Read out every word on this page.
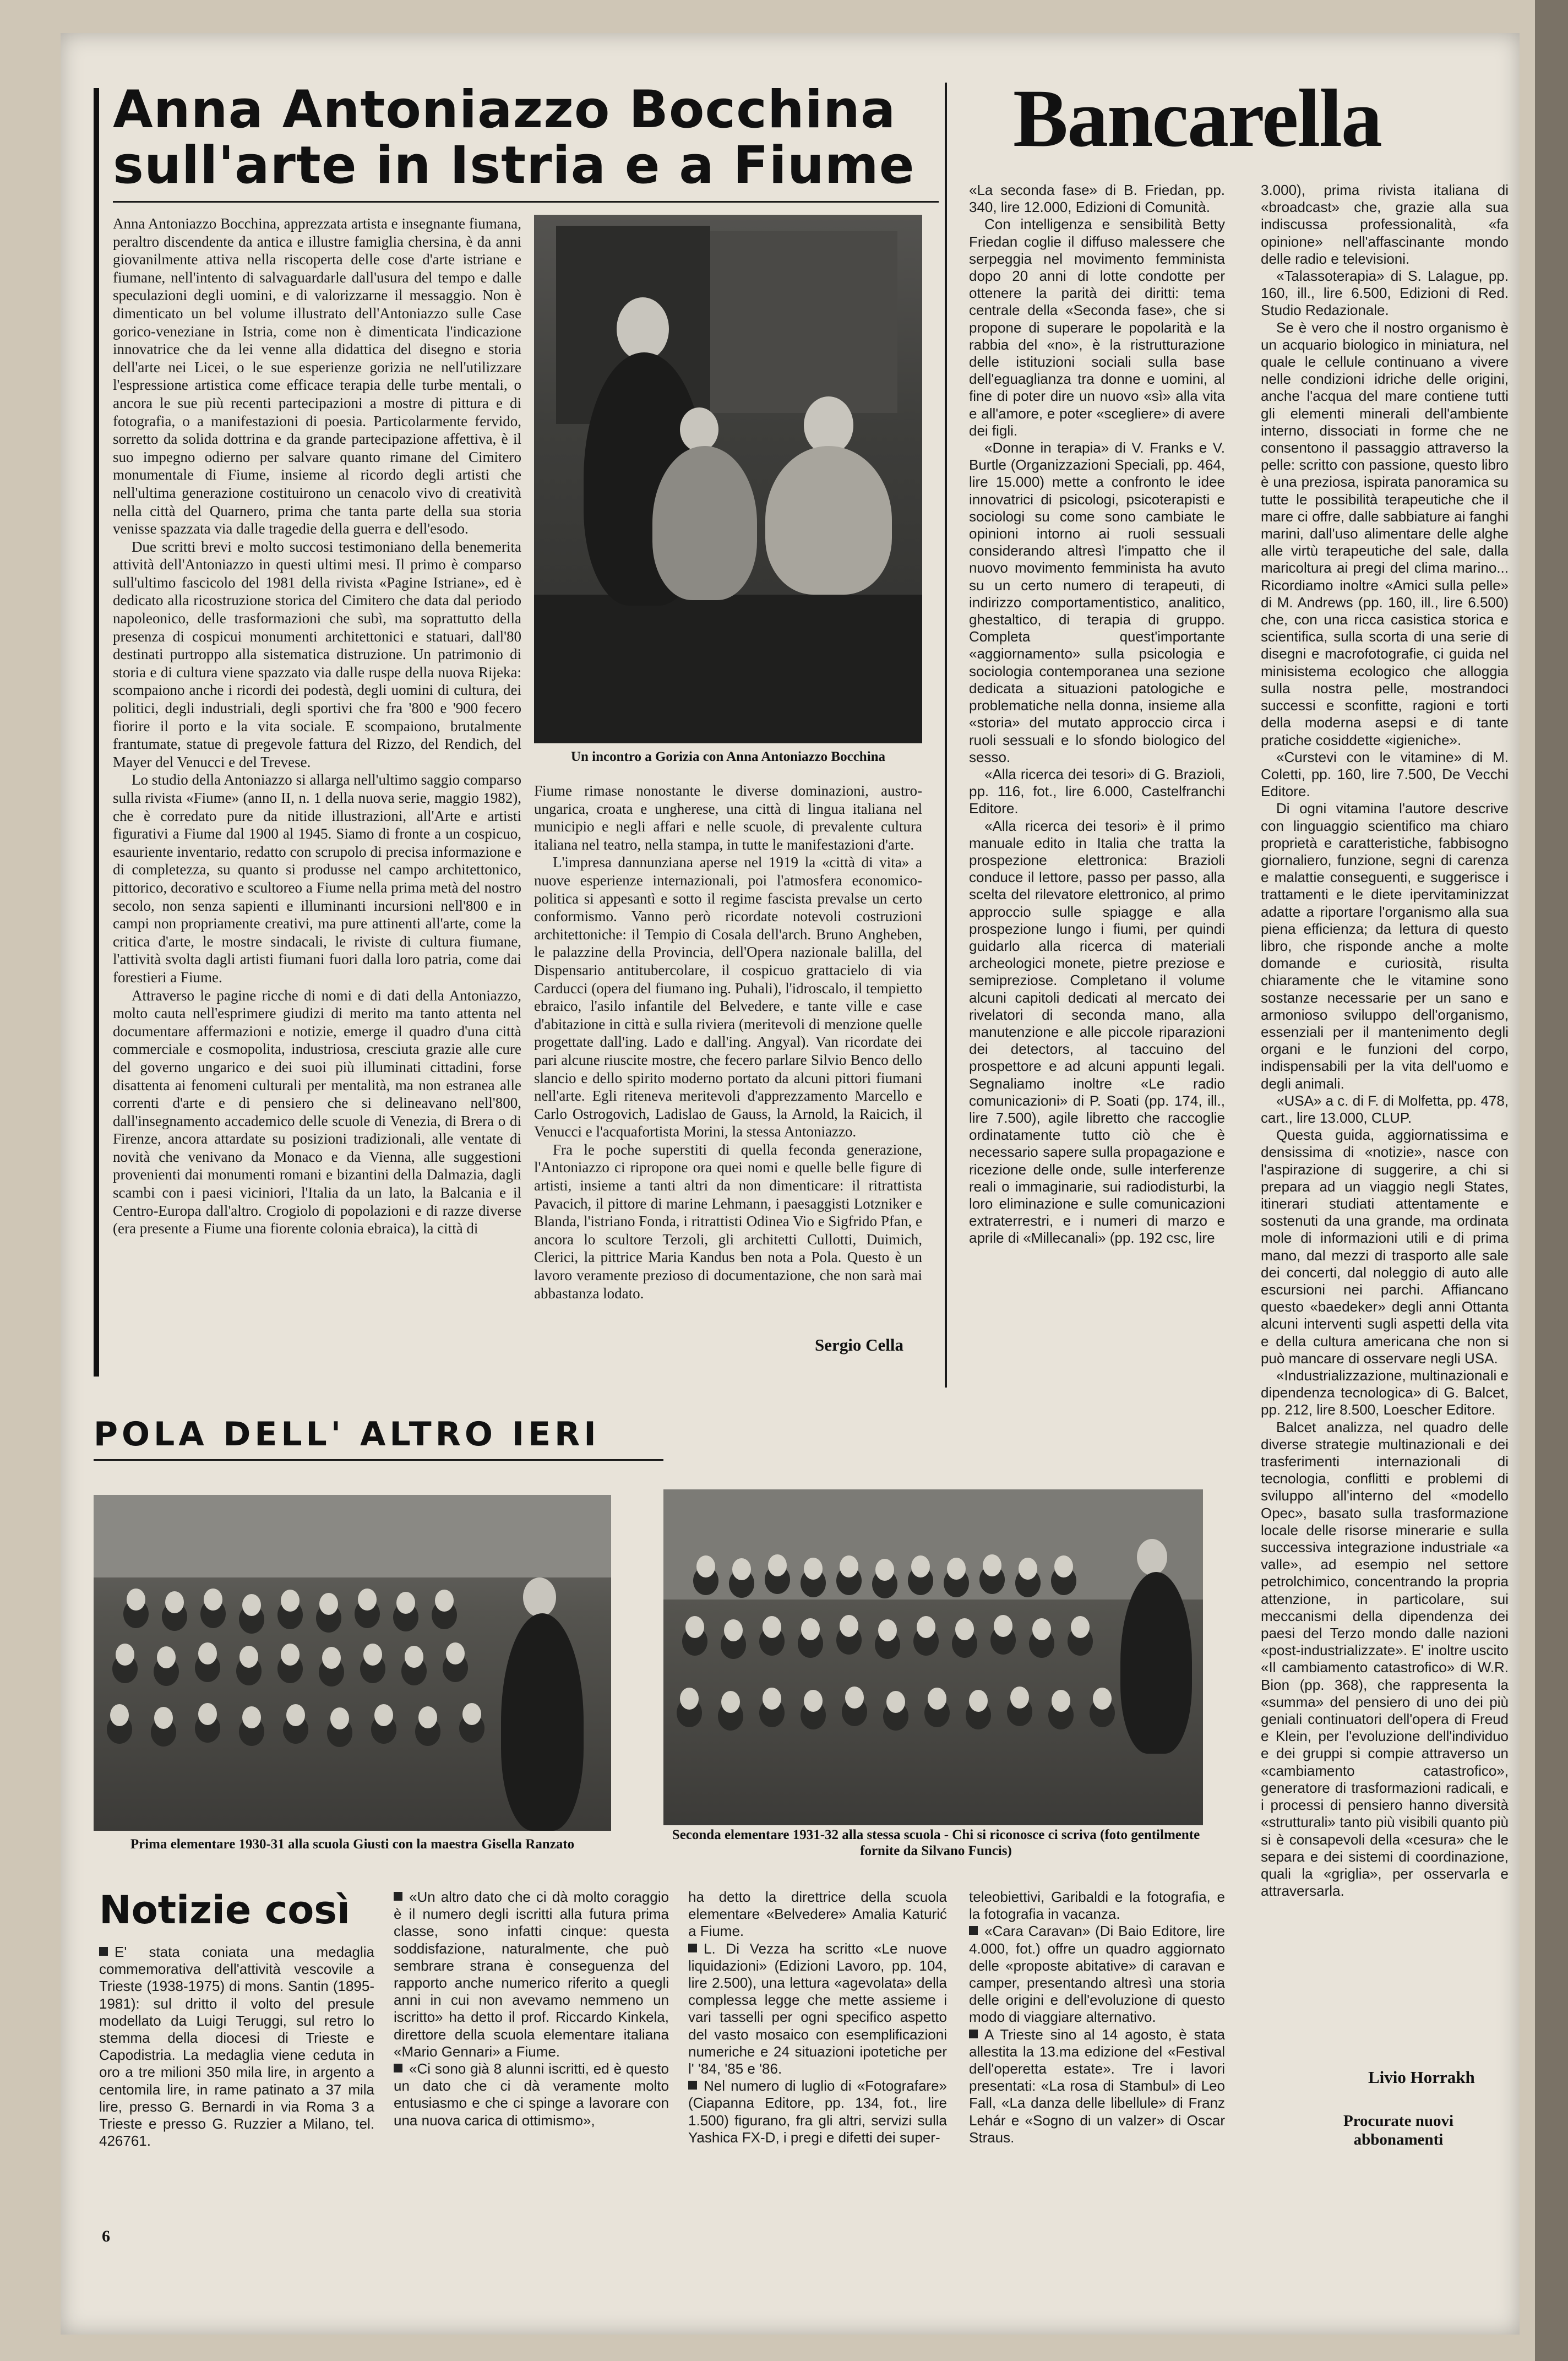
Anna Antoniazzo Bocchina
sull'arte in Istria e a Fiume

Anna Antoniazzo Bocchina, apprezzata artista e insegnante fiumana, peraltro discendente da antica e illustre famiglia chersina, è da anni giovanilmente attiva nella riscoperta delle cose d'arte istriane e fiumane, nell'intento di salvaguardarle dall'usura del tempo e dalle speculazioni degli uomini, e di valorizzarne il messaggio. Non è dimenticato un bel volume illustrato dell'Antoniazzo sulle Case gorico-veneziane in Istria, come non è dimenticata l'indicazione innovatrice che da lei venne alla didattica del disegno e storia dell'arte nei Licei, o le sue esperienze gorizia ne nell'utilizzare l'espressione artistica come efficace terapia delle turbe mentali, o ancora le sue più recenti partecipazioni a mostre di pittura e di fotografia, o a manifestazioni di poesia. Particolarmente fervido, sorretto da solida dottrina e da grande partecipazione affettiva, è il suo impegno odierno per salvare quanto rimane del Cimitero monumentale di Fiume, insieme al ricordo degli artisti che nell'ultima generazione costituirono un cenacolo vivo di creatività nella città del Quarnero, prima che tanta parte della sua storia venisse spazzata via dalle tragedie della guerra e dell'esodo.

Due scritti brevi e molto succosi testimoniano della benemerita attività dell'Antoniazzo in questi ultimi mesi. Il primo è comparso sull'ultimo fascicolo del 1981 della rivista «Pagine Istriane», ed è dedicato alla ricostruzione storica del Cimitero che data dal periodo napoleonico, delle trasformazioni che subì, ma soprattutto della presenza di cospicui monumenti architettonici e statuari, dall'80 destinati purtroppo alla sistematica distruzione. Un patrimonio di storia e di cultura viene spazzato via dalle ruspe della nuova Rijeka: scompaiono anche i ricordi dei podestà, degli uomini di cultura, dei politici, degli industriali, degli sportivi che fra '800 e '900 fecero fiorire il porto e la vita sociale. E scompaiono, brutalmente frantumate, statue di pregevole fattura del Rizzo, del Rendich, del Mayer del Venucci e del Trevese.

Lo studio della Antoniazzo si allarga nell'ultimo saggio comparso sulla rivista «Fiume» (anno II, n. 1 della nuova serie, maggio 1982), che è corredato pure da nitide illustrazioni, all'Arte e artisti figurativi a Fiume dal 1900 al 1945. Siamo di fronte a un cospicuo, esauriente inventario, redatto con scrupolo di precisa informazione e di completezza, su quanto si produsse nel campo architettonico, pittorico, decorativo e scultoreo a Fiume nella prima metà del nostro secolo, non senza sapienti e illuminanti incursioni nell'800 e in campi non propriamente creativi, ma pure attinenti all'arte, come la critica d'arte, le mostre sindacali, le riviste di cultura fiumane, l'attività svolta dagli artisti fiumani fuori dalla loro patria, come dai forestieri a Fiume.

Attraverso le pagine ricche di nomi e di dati della Antoniazzo, molto cauta nell'esprimere giudizi di merito ma tanto attenta nel documentare affermazioni e notizie, emerge il quadro d'una città commerciale e cosmopolita, industriosa, cresciuta grazie alle cure del governo ungarico e dei suoi più illuminati cittadini, forse disattenta ai fenomeni culturali per mentalità, ma non estranea alle correnti d'arte e di pensiero che si delineavano nell'800, dall'insegnamento accademico delle scuole di Venezia, di Brera o di Firenze, ancora attardate su posizioni tradizionali, alle ventate di novità che venivano da Monaco e da Vienna, alle suggestioni provenienti dai monumenti romani e bizantini della Dalmazia, dagli scambi con i paesi viciniori, l'Italia da un lato, la Balcania e il Centro-Europa dall'altro. Crogiolo di popolazioni e di razze diverse (era presente a Fiume una fiorente colonia ebraica), la città di

Un incontro a Gorizia con Anna Antoniazzo Bocchina

Fiume rimase nonostante le diverse dominazioni, austro-ungarica, croata e ungherese, una città di lingua italiana nel municipio e negli affari e nelle scuole, di prevalente cultura italiana nel teatro, nella stampa, in tutte le manifestazioni d'arte.

L'impresa dannunziana aperse nel 1919 la «città di vita» a nuove esperienze internazionali, poi l'atmosfera economico-politica si appesantì e sotto il regime fascista prevalse un certo conformismo. Vanno però ricordate notevoli costruzioni architettoniche: il Tempio di Cosala dell'arch. Bruno Angheben, le palazzine della Provincia, dell'Opera nazionale balilla, del Dispensario antitubercolare, il cospicuo grattacielo di via Carducci (opera del fiumano ing. Puhali), l'idroscalo, il tempietto ebraico, l'asilo infantile del Belvedere, e tante ville e case d'abitazione in città e sulla riviera (meritevoli di menzione quelle progettate dall'ing. Lado e dall'ing. Angyal). Van ricordate dei pari alcune riuscite mostre, che fecero parlare Silvio Benco dello slancio e dello spirito moderno portato da alcuni pittori fiumani nell'arte. Egli riteneva meritevoli d'apprezzamento Marcello e Carlo Ostrogovich, Ladislao de Gauss, la Arnold, la Raicich, il Venucci e l'acquafortista Morini, la stessa Antoniazzo.

Fra le poche superstiti di quella feconda generazione, l'Antoniazzo ci ripropone ora quei nomi e quelle belle figure di artisti, insieme a tanti altri da non dimenticare: il ritrattista Pavacich, il pittore di marine Lehmann, i paesaggisti Lotzniker e Blanda, l'istriano Fonda, i ritrattisti Odinea Vio e Sigfrido Pfan, e ancora lo scultore Terzoli, gli architetti Cullotti, Duimich, Clerici, la pittrice Maria Kandus ben nota a Pola. Questo è un lavoro veramente prezioso di documentazione, che non sarà mai abbastanza lodato.

Sergio Cella
Bancarella

«La seconda fase» di B. Friedan, pp. 340, lire 12.000, Edizioni di Comunità.

Con intelligenza e sensibilità Betty Friedan coglie il diffuso malessere che serpeggia nel movimento femminista dopo 20 anni di lotte condotte per ottenere la parità dei diritti: tema centrale della «Seconda fase», che si propone di superare le popolarità e la rabbia del «no», è la ristrutturazione delle istituzioni sociali sulla base dell'eguaglianza tra donne e uomini, al fine di poter dire un nuovo «sì» alla vita e all'amore, e poter «scegliere» di avere dei figli.

«Donne in terapia» di V. Franks e V. Burtle (Organizzazioni Speciali, pp. 464, lire 15.000) mette a confronto le idee innovatrici di psicologi, psicoterapisti e sociologi su come sono cambiate le opinioni intorno ai ruoli sessuali considerando altresì l'impatto che il nuovo movimento femminista ha avuto su un certo numero di terapeuti, di indirizzo comportamentistico, analitico, ghestaltico, di terapia di gruppo. Completa quest'importante «aggiornamento» sulla psicologia e sociologia contemporanea una sezione dedicata a situazioni patologiche e problematiche nella donna, insieme alla «storia» del mutato approccio circa i ruoli sessuali e lo sfondo biologico del sesso.

«Alla ricerca dei tesori» di G. Brazioli, pp. 116, fot., lire 6.000, Castelfranchi Editore.

«Alla ricerca dei tesori» è il primo manuale edito in Italia che tratta la prospezione elettronica: Brazioli conduce il lettore, passo per passo, alla scelta del rilevatore elettronico, al primo approccio sulle spiagge e alla prospezione lungo i fiumi, per quindi guidarlo alla ricerca di materiali archeologici monete, pietre preziose e semipreziose. Completano il volume alcuni capitoli dedicati al mercato dei rivelatori di seconda mano, alla manutenzione e alle piccole riparazioni dei detectors, al taccuino del prospettore e ad alcuni appunti legali. Segnaliamo inoltre «Le radio comunicazioni» di P. Soati (pp. 174, ill., lire 7.500), agile libretto che raccoglie ordinatamente tutto ciò che è necessario sapere sulla propagazione e ricezione delle onde, sulle interferenze reali o immaginarie, sui radiodisturbi, la loro eliminazione e sulle comunicazioni extraterrestri, e i numeri di marzo e aprile di «Millecanali» (pp. 192 csc, lire

3.000), prima rivista italiana di «broadcast» che, grazie alla sua indiscussa professionalità, «fa opinione» nell'affascinante mondo delle radio e televisioni.

«Talassoterapia» di S. Lalague, pp. 160, ill., lire 6.500, Edizioni di Red. Studio Redazionale.

Se è vero che il nostro organismo è un acquario biologico in miniatura, nel quale le cellule continuano a vivere nelle condizioni idriche delle origini, anche l'acqua del mare contiene tutti gli elementi minerali dell'ambiente interno, dissociati in forme che ne consentono il passaggio attraverso la pelle: scritto con passione, questo libro è una preziosa, ispirata panoramica su tutte le possibilità terapeutiche che il mare ci offre, dalle sabbiature ai fanghi marini, dall'uso alimentare delle alghe alle virtù terapeutiche del sale, dalla maricoltura ai pregi del clima marino... Ricordiamo inoltre «Amici sulla pelle» di M. Andrews (pp. 160, ill., lire 6.500) che, con una ricca casistica storica e scientifica, sulla scorta di una serie di disegni e macrofotografie, ci guida nel minisistema ecologico che alloggia sulla nostra pelle, mostrandoci successi e sconfitte, ragioni e torti della moderna asepsi e di tante pratiche cosiddette «igieniche».

«Curstevi con le vitamine» di M. Coletti, pp. 160, lire 7.500, De Vecchi Editore.

Di ogni vitamina l'autore descrive con linguaggio scientifico ma chiaro proprietà e caratteristiche, fabbisogno giornaliero, funzione, segni di carenza e malattie conseguenti, e suggerisce i trattamenti e le diete ipervitaminizzat adatte a riportare l'organismo alla sua piena efficienza; da lettura di questo libro, che risponde anche a molte domande e curiosità, risulta chiaramente che le vitamine sono sostanze necessarie per un sano e armonioso sviluppo dell'organismo, essenziali per il mantenimento degli organi e le funzioni del corpo, indispensabili per la vita dell'uomo e degli animali.

«USA» a c. di F. di Molfetta, pp. 478, cart., lire 13.000, CLUP.

Questa guida, aggiornatissima e densissima di «notizie», nasce con l'aspirazione di suggerire, a chi si prepara ad un viaggio negli States, itinerari studiati attentamente e sostenuti da una grande, ma ordinata mole di informazioni utili e di prima mano, dal mezzi di trasporto alle sale dei concerti, dal noleggio di auto alle escursioni nei parchi. Affiancano questo «baedeker» degli anni Ottanta alcuni interventi sugli aspetti della vita e della cultura americana che non si può mancare di osservare negli USA.

«Industrializzazione, multinazionali e dipendenza tecnologica» di G. Balcet, pp. 212, lire 8.500, Loescher Editore.

Balcet analizza, nel quadro delle diverse strategie multinazionali e dei trasferimenti internazionali di tecnologia, conflitti e problemi di sviluppo all'interno del «modello Opec», basato sulla trasformazione locale delle risorse minerarie e sulla successiva integrazione industriale «a valle», ad esempio nel settore petrolchimico, concentrando la propria attenzione, in particolare, sui meccanismi della dipendenza dei paesi del Terzo mondo dalle nazioni «post-industrializzate». E' inoltre uscito «Il cambiamento catastrofico» di W.R. Bion (pp. 368), che rappresenta la «summa» del pensiero di uno dei più geniali continuatori dell'opera di Freud e Klein, per l'evoluzione dell'individuo e dei gruppi si compie attraverso un «cambiamento catastrofico», generatore di trasformazioni radicali, e i processi di pensiero hanno diversità «strutturali» tanto più visibili quanto più si è consapevoli della «cesura» che le separa e dei sistemi di coordinazione, quali la «griglia», per osservarla e attraversarla.

Livio Horrakh
Procurate nuovi abbonamenti
POLA DELL' ALTRO IERI
Prima elementare 1930-31 alla scuola Giusti con la maestra Gisella Ranzato
Seconda elementare 1931-32 alla stessa scuola - Chi si riconosce ci scriva (foto gentilmente fornite da Silvano Funcis)
Notizie così

E' stata coniata una medaglia commemorativa dell'attività vescovile a Trieste (1938-1975) di mons. Santin (1895-1981): sul dritto il volto del presule modellato da Luigi Teruggi, sul retro lo stemma della diocesi di Trieste e Capodistria. La medaglia viene ceduta in oro a tre milioni 350 mila lire, in argento a centomila lire, in rame patinato a 37 mila lire, presso G. Bernardi in via Roma 3 a Trieste e presso G. Ruzzier a Milano, tel. 426761.

«Un altro dato che ci dà molto coraggio è il numero degli iscritti alla futura prima classe, sono infatti cinque: questa soddisfazione, naturalmente, che può sembrare strana è conseguenza del rapporto anche numerico riferito a quegli anni in cui non avevamo nemmeno un iscritto» ha detto il prof. Riccardo Kinkela, direttore della scuola elementare italiana «Mario Gennari» a Fiume.

«Ci sono già 8 alunni iscritti, ed è questo un dato che ci dà veramente molto entusiasmo e che ci spinge a lavorare con una nuova carica di ottimismo»,

ha detto la direttrice della scuola elementare «Belvedere» Amalia Katurić a Fiume.

L. Di Vezza ha scritto «Le nuove liquidazioni» (Edizioni Lavoro, pp. 104, lire 2.500), una lettura «agevolata» della complessa legge che mette assieme i vari tasselli per ogni specifico aspetto del vasto mosaico con esemplificazioni numeriche e 24 situazioni ipotetiche per l' '84, '85 e '86.

Nel numero di luglio di «Fotografare» (Ciapanna Editore, pp. 134, fot., lire 1.500) figurano, fra gli altri, servizi sulla Yashica FX-D, i pregi e difetti dei super-

teleobiettivi, Garibaldi e la fotografia, e la fotografia in vacanza.

«Cara Caravan» (Di Baio Editore, lire 4.000, fot.) offre un quadro aggiornato delle «proposte abitative» di caravan e camper, presentando altresì una storia delle origini e dell'evoluzione di questo modo di viaggiare alternativo.

A Trieste sino al 14 agosto, è stata allestita la 13.ma edizione del «Festival dell'operetta estate». Tre i lavori presentati: «La rosa di Stambul» di Leo Fall, «La danza delle libellule» di Franz Lehár e «Sogno di un valzer» di Oscar Straus.

6
